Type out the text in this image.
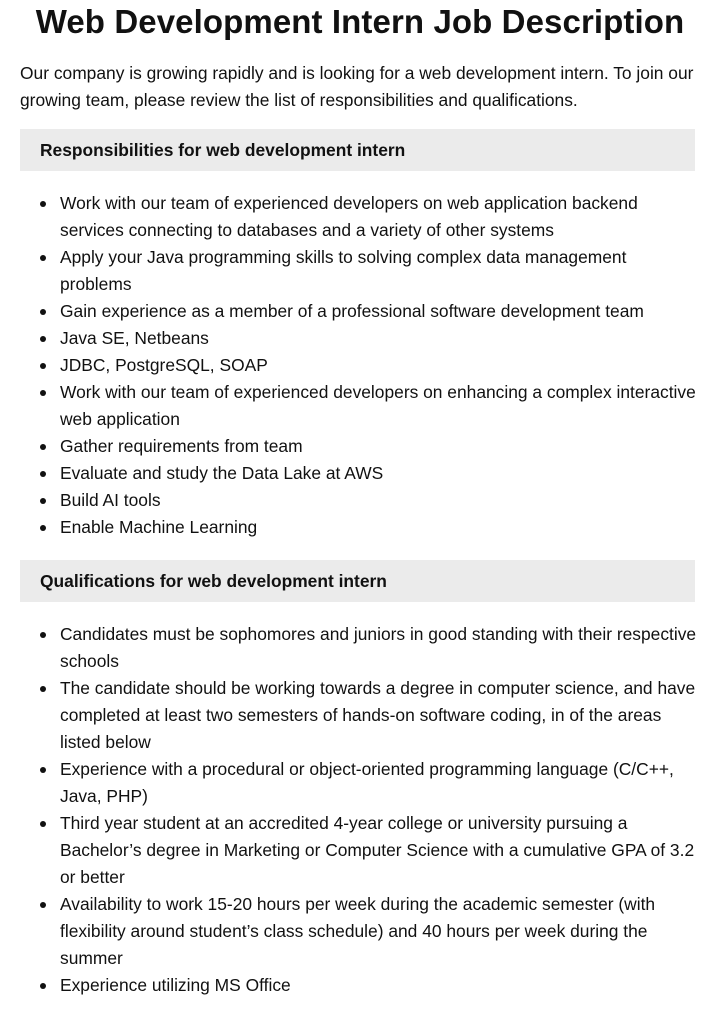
Web Development Intern Job Description

Our company is growing rapidly and is looking for a web development intern. To join our growing team, please review the list of responsibilities and qualifications.

Responsibilities for web development intern
Work with our team of experienced developers on web application backend services connecting to databases and a variety of other systems
Apply your Java programming skills to solving complex data management problems
Gain experience as a member of a professional software development team
Java SE, Netbeans
JDBC, PostgreSQL, SOAP
Work with our team of experienced developers on enhancing a complex interactive web application
Gather requirements from team
Evaluate and study the Data Lake at AWS
Build AI tools
Enable Machine Learning
Qualifications for web development intern
Candidates must be sophomores and juniors in good standing with their respective schools
The candidate should be working towards a degree in computer science, and have completed at least two semesters of hands-on software coding, in of the areas listed below
Experience with a procedural or object-oriented programming language (C/C++, Java, PHP)
Third year student at an accredited 4-year college or university pursuing a Bachelor’s degree in Marketing or Computer Science with a cumulative GPA of 3.2 or better
Availability to work 15-20 hours per week during the academic semester (with flexibility around student’s class schedule) and 40 hours per week during the summer
Experience utilizing MS Office
